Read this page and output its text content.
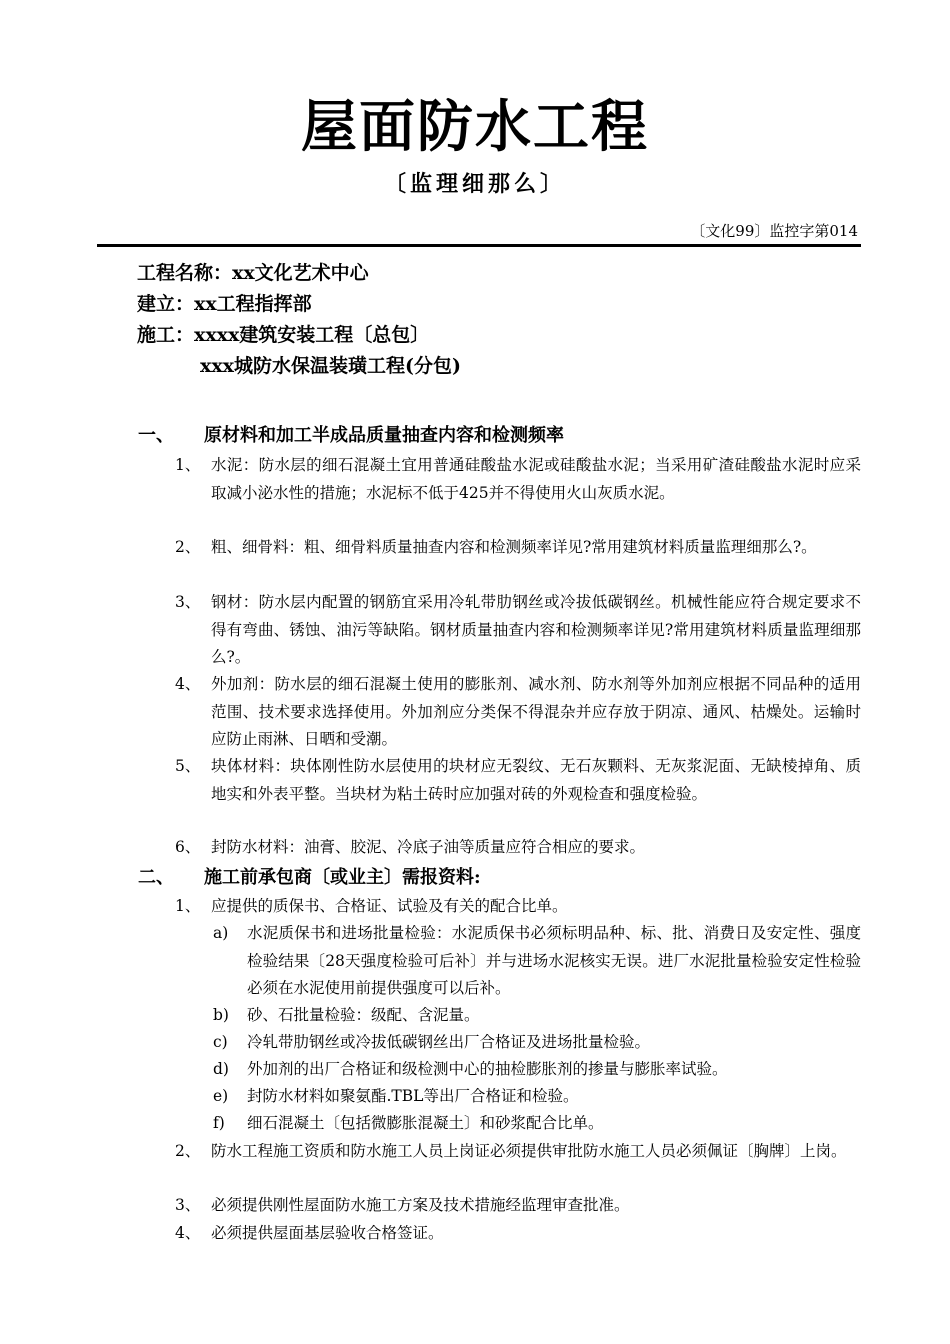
屋面防水工程
〔监理细那么〕
〔文化99〕监控字第014
工程名称：xx文化艺术中心
建立：xx工程指挥部
施工：xxxx建筑安装工程〔总包〕
xxx城防水保温装璜工程(分包)
一、 原材料和加工半成品质量抽查内容和检测频率
1、 水泥：防水层的细石混凝土宜用普通硅酸盐水泥或硅酸盐水泥；当采用矿渣硅酸盐水泥时应采取减小泌水性的措施；水泥标不低于425并不得使用火山灰质水泥。
2、 粗、细骨料：粗、细骨料质量抽查内容和检测频率详见?常用建筑材料质量监理细那么?。
3、 钢材：防水层内配置的钢筋宜采用冷轧带肋钢丝或冷拔低碳钢丝。机械性能应符合规定要求不得有弯曲、锈蚀、油污等缺陷。钢材质量抽查内容和检测频率详见?常用建筑材料质量监理细那么?。
4、 外加剂：防水层的细石混凝土使用的膨胀剂、减水剂、防水剂等外加剂应根据不同品种的适用范围、技术要求选择使用。外加剂应分类保不得混杂并应存放于阴凉、通风、枯燥处。运输时应防止雨淋、日晒和受潮。
5、 块体材料：块体刚性防水层使用的块材应无裂纹、无石灰颗料、无灰浆泥面、无缺棱掉角、质地实和外表平整。当块材为粘土砖时应加强对砖的外观检查和强度检验。
6、 封防水材料：油膏、胶泥、冷底子油等质量应符合相应的要求。
二、 施工前承包商〔或业主〕需报资料:
1、 应提供的质保书、合格证、试验及有关的配合比单。
a) 水泥质保书和进场批量检验：水泥质保书必须标明品种、标、批、消费日及安定性、强度检验结果〔28天强度检验可后补〕并与进场水泥核实无误。进厂水泥批量检验安定性检验必须在水泥使用前提供强度可以后补。
b) 砂、石批量检验：级配、含泥量。
c) 冷轧带肋钢丝或冷拔低碳钢丝出厂合格证及进场批量检验。
d) 外加剂的出厂合格证和级检测中心的抽检膨胀剂的掺量与膨胀率试验。
e) 封防水材料如聚氨酯.TBL等出厂合格证和检验。
f) 细石混凝土〔包括微膨胀混凝土〕和砂浆配合比单。
2、 防水工程施工资质和防水施工人员上岗证必须提供审批防水施工人员必须佩证〔胸牌〕上岗。
3、 必须提供刚性屋面防水施工方案及技术措施经监理审查批准。
4、 必须提供屋面基层验收合格签证。
